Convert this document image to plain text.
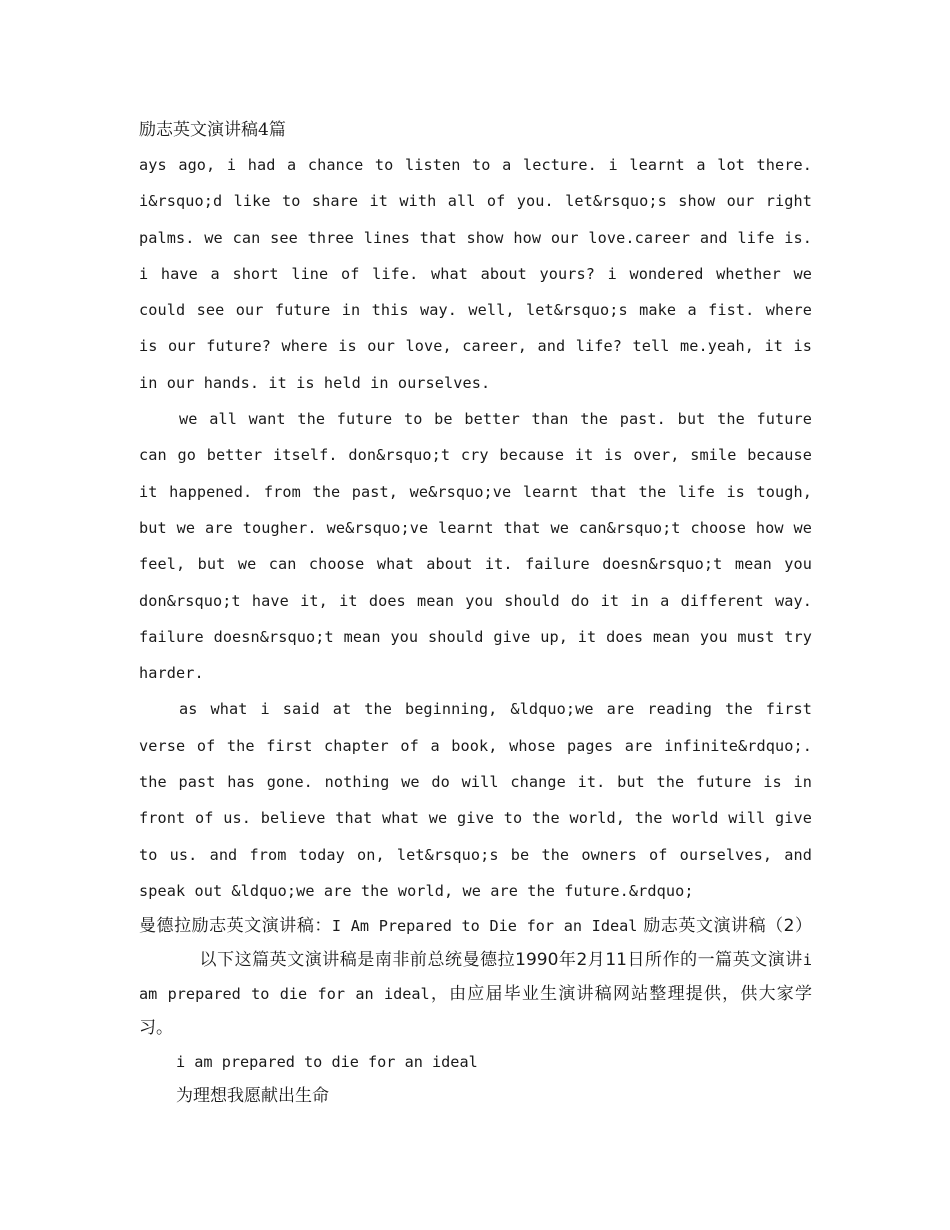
励志英文演讲稿4篇

ays ago, i had a chance to listen to a lecture. i learnt a lot there. i&rsquo;d like to share it with all of you. let&rsquo;s show our right palms. we can see three lines that show how our love.career and life is. i have a short line of life. what about yours? i wondered whether we could see our future in this way. well, let&rsquo;s make a fist. where is our future? where is our love, career, and life? tell me.yeah, it is in our hands. it is held in ourselves.

we all want the future to be better than the past. but the future can go better itself. don&rsquo;t cry because it is over, smile because it happened. from the past, we&rsquo;ve learnt that the life is tough, but we are tougher. we&rsquo;ve learnt that we can&rsquo;t choose how we feel, but we can choose what about it. failure doesn&rsquo;t mean you don&rsquo;t have it, it does mean you should do it in a different way. failure doesn&rsquo;t mean you should give up, it does mean you must try harder.

as what i said at the beginning, &ldquo;we are reading the first verse of the first chapter of a book, whose pages are infinite&rdquo;. the past has gone. nothing we do will change it. but the future is in front of us. believe that what we give to the world, the world will give to us. and from today on, let&rsquo;s be the owners of ourselves, and speak out &ldquo;we are the world, we are the future.&rdquo;

曼德拉励志英文演讲稿：I Am Prepared to Die for an Ideal 励志英文演讲稿（2）以下这篇英文演讲稿是南非前总统曼德拉1990年2月11日所作的一篇英文演讲i am prepared to die for an ideal，由应届毕业生演讲稿网站整理提供，供大家学习。

i am prepared to die for an ideal

为理想我愿献出生命
